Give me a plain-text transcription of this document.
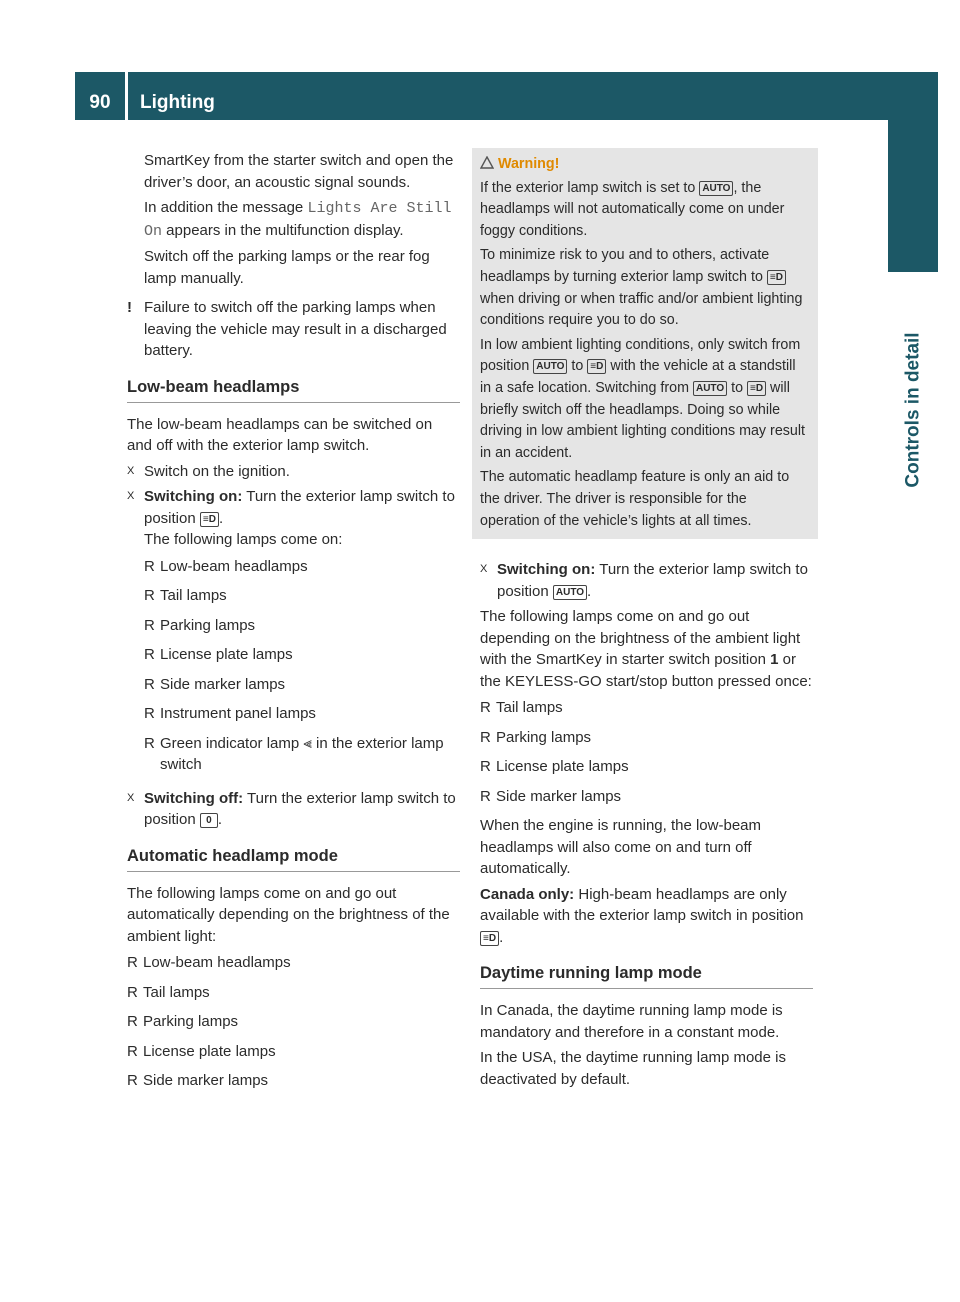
90	Lighting
Controls in detail

SmartKey from the starter switch and open the driver’s door, an acoustic signal sounds.

In addition the message Lights Are Still On appears in the multifunction display.

Switch off the parking lamps or the rear fog lamp manually.

! Failure to switch off the parking lamps when leaving the vehicle may result in a discharged battery.
Low-beam headlamps

The low-beam headlamps can be switched on and off with the exterior lamp switch.

X Switch on the ignition.
X Switching on: Turn the exterior lamp switch to position ≡D .
The following lamps come on:
R Low-beam headlamps
R Tail lamps
R Parking lamps
R License plate lamps
R Side marker lamps
R Instrument panel lamps
R Green indicator lamp ⫷ in the exterior lamp switch
X Switching off: Turn the exterior lamp switch to position 0 .
Automatic headlamp mode

The following lamps come on and go out automatically depending on the brightness of the ambient light:

R Low-beam headlamps
R Tail lamps
R Parking lamps
R License plate lamps
R Side marker lamps
Warning!

If the exterior lamp switch is set to AUTO , the headlamps will not automatically come on under foggy conditions.

To minimize risk to you and to others, activate headlamps by turning exterior lamp switch to ≡D when driving or when traffic and/or ambient lighting conditions require you to do so.

In low ambient lighting conditions, only switch from position AUTO to ≡D with the vehicle at a standstill in a safe location. Switching from AUTO to ≡D will briefly switch off the headlamps. Doing so while driving in low ambient lighting conditions may result in an accident.

The automatic headlamp feature is only an aid to the driver. The driver is responsible for the operation of the vehicle’s lights at all times.

X Switching on: Turn the exterior lamp switch to position AUTO .

The following lamps come on and go out depending on the brightness of the ambient light with the SmartKey in starter switch position 1 or the KEYLESS-GO start/stop button pressed once:

R Tail lamps
R Parking lamps
R License plate lamps
R Side marker lamps

When the engine is running, the low-beam headlamps will also come on and turn off automatically.

Canada only: High-beam headlamps are only available with the exterior lamp switch in position ≡D .

Daytime running lamp mode

In Canada, the daytime running lamp mode is mandatory and therefore in a constant mode.

In the USA, the daytime running lamp mode is deactivated by default.
